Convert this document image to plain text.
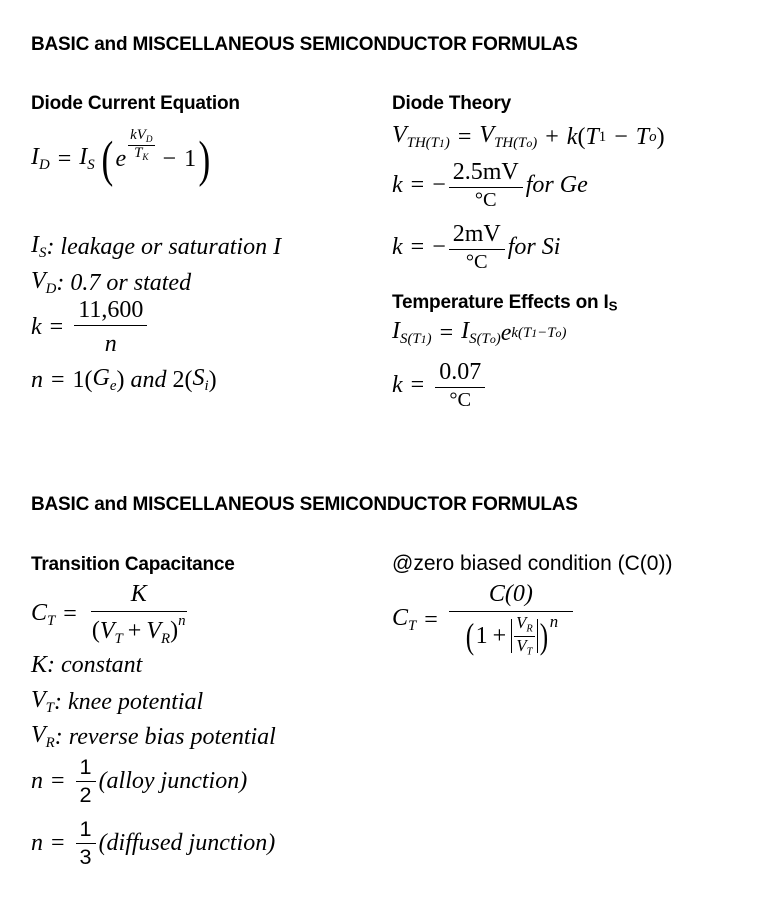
BASIC and MISCELLANEOUS SEMICONDUCTOR FORMULAS
Diode Current Equation
$I_D = I_S$ ( e
$kV_D$
$T_K - 1$ )
$I_S$ : leakage or saturation I
$V_D$ : 0.7 or stated
$k = \frac{11,600}{n}$
n = 1( $G_e$ ) and 2( $S_i$ )
Diode Theory
$V_{TH(T1)} = V_{TH(To)} + k$ ( T 1 − T o )
k = − $\frac{2.5mV}{^\circ C}$ for Ge
k = − $\frac{2mV}{^\circ C}$ for Si
Temperature Effects on IS
$I_{S(T1)} = I_{S(To)}$ e k(T1−To)
$k = \frac{0.07}{^\circ C}$
BASIC and MISCELLANEOUS SEMICONDUCTOR FORMULAS
Transition Capacitance
$C_T = \frac{K}{(V_T + V_R)^n}$
K : constant
$V_T$ : knee potential
$V_R$ : reverse bias potential
$n = \frac{1}{2}$ (alloy junction)
$n = \frac{1}{3}$ (diffused junction)
@zero biased condition (C(0))
$C_T$ =
C(0)
( $1 + V_R$
$V_T$ ) n
